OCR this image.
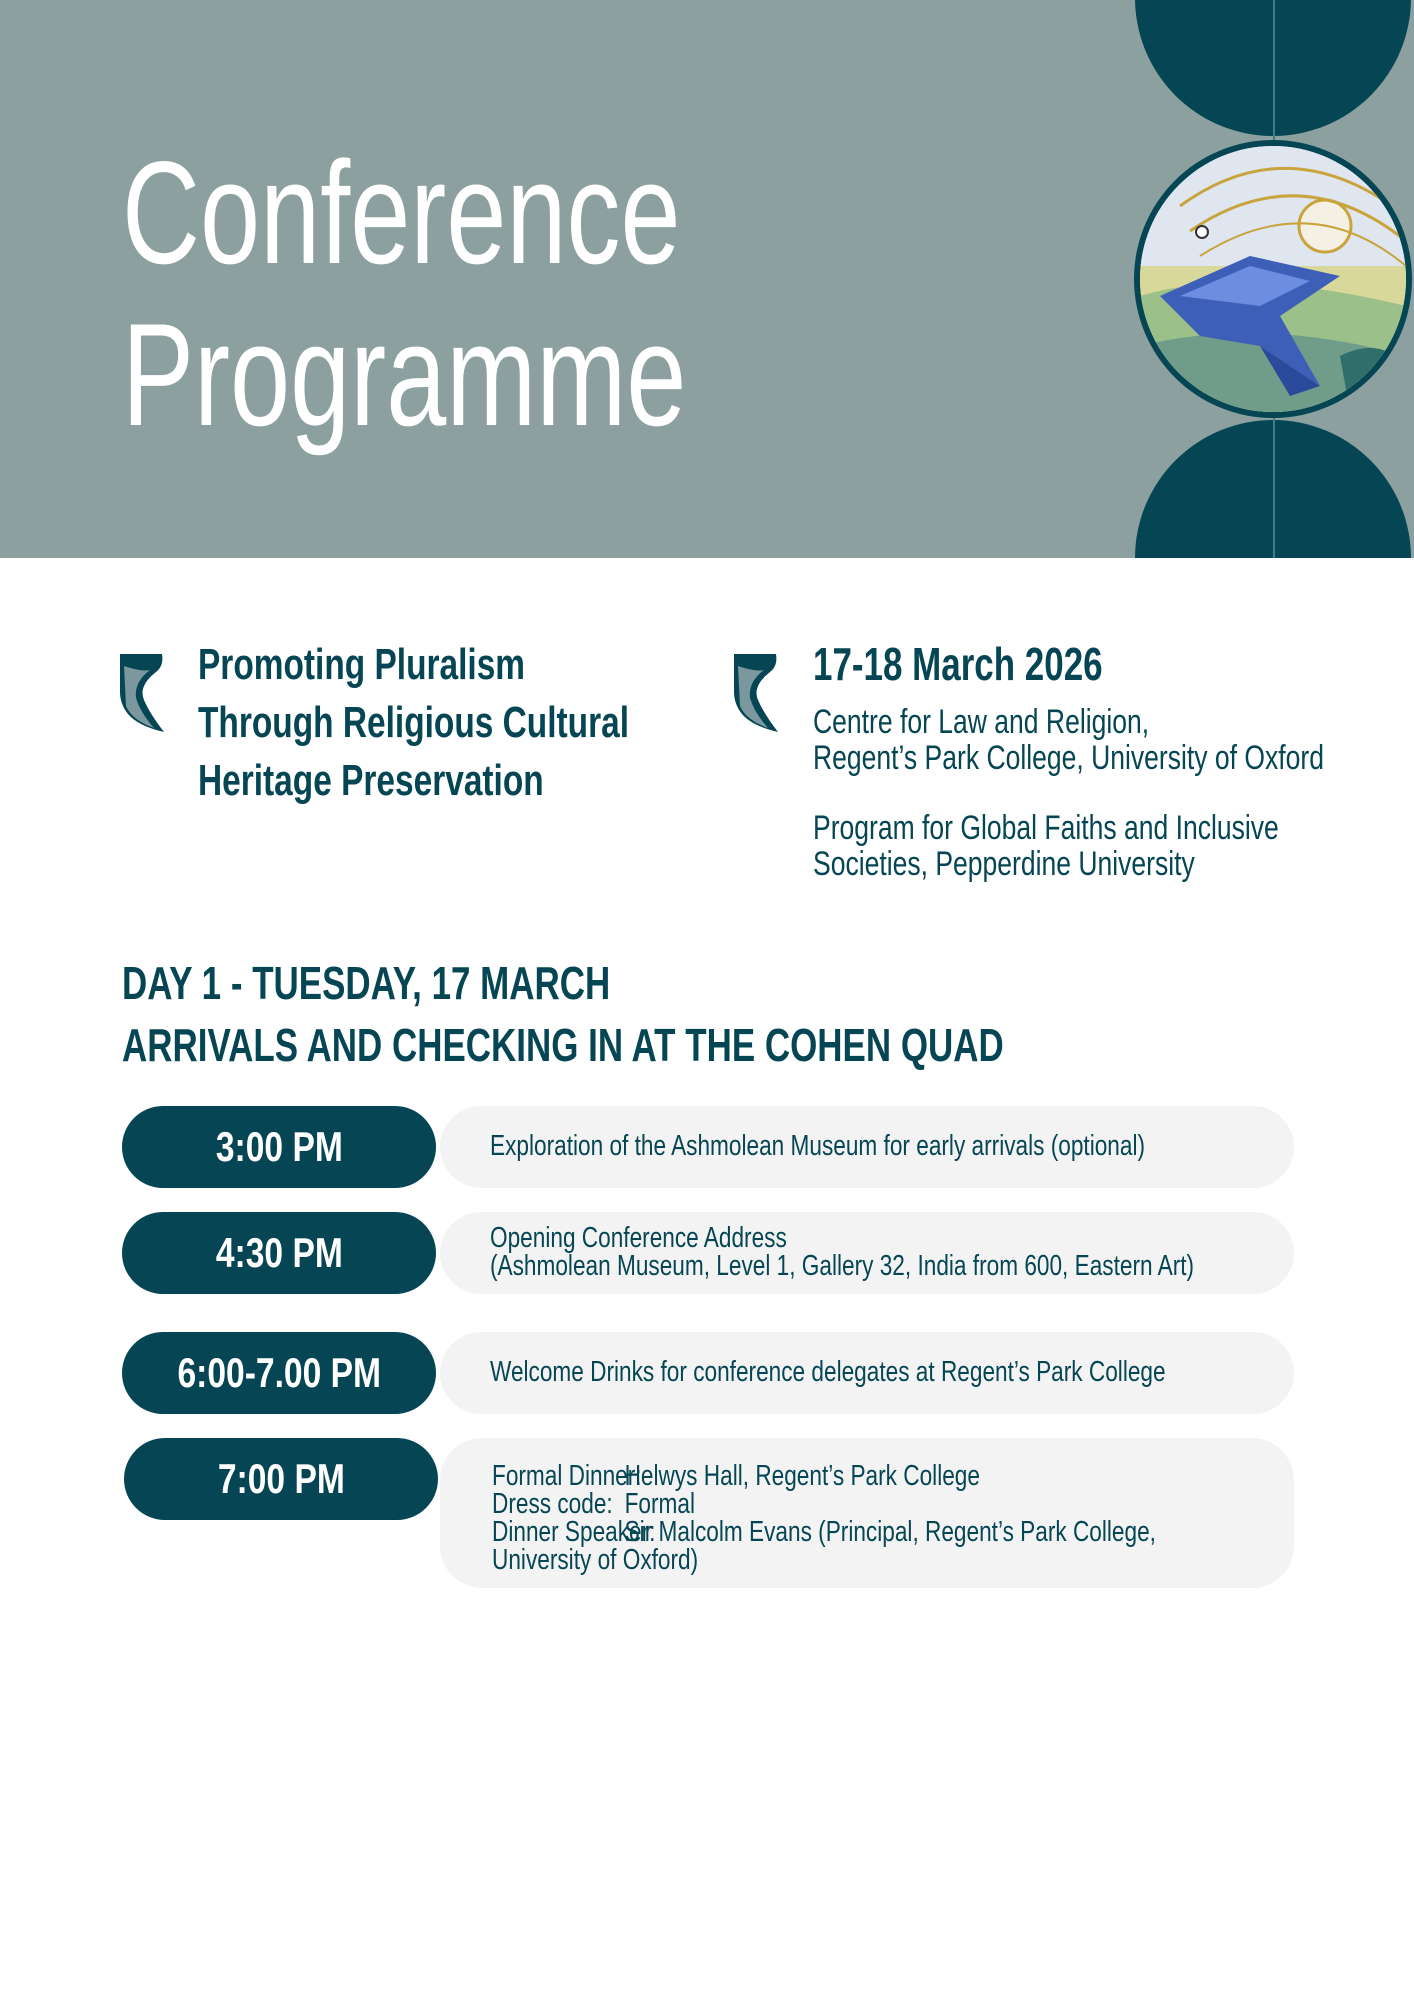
Conference
Programme
Promoting Pluralism
Through Religious Cultural
Heritage Preservation
17-18 March 2026
Centre for Law and Religion,
Regent’s Park College, University of Oxford
Program for Global Faiths and Inclusive
Societies, Pepperdine University
DAY 1 - TUESDAY, 17 MARCH
ARRIVALS AND CHECKING IN AT THE COHEN QUAD
3:00 PM	Exploration of the Ashmolean Museum for early arrivals (optional)
4:30 PM	Opening Conference Address
(Ashmolean Museum, Level 1, Gallery 32, India from 600, Eastern Art)
6:00-7.00 PM	Welcome Drinks for conference delegates at Regent’s Park College
7:00 PM	Formal Dinner:Helwys Hall, Regent’s Park College
Dress code: Formal
Dinner Speaker:Sir Malcolm Evans (Principal, Regent’s Park College,
University of Oxford)
